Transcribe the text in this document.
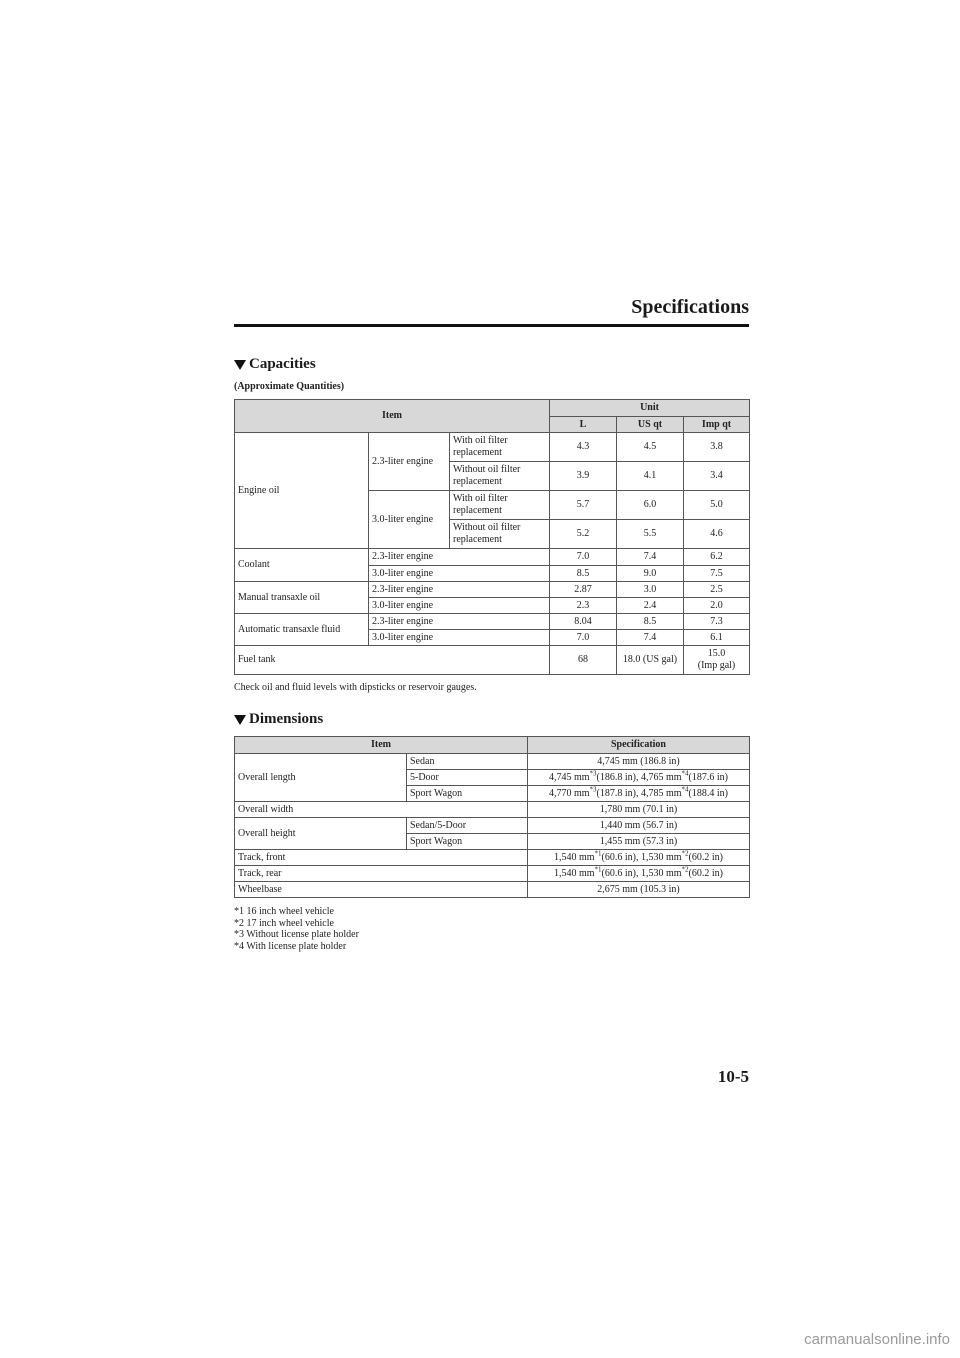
Specifications
Capacities
(Approximate Quantities)
Item			Unit		
			L	US qt	Imp qt
Engine oil	2.3-liter engine	With oil filter replacement	4.3	4.5	3.8
		Without oil filter replacement	3.9	4.1	3.4
	3.0-liter engine	With oil filter replacement	5.7	6.0	5.0
		Without oil filter replacement	5.2	5.5	4.6
Coolant	2.3-liter engine		7.0	7.4	6.2
	3.0-liter engine		8.5	9.0	7.5
Manual transaxle oil	2.3-liter engine		2.87	3.0	2.5
	3.0-liter engine		2.3	2.4	2.0
Automatic transaxle fluid	2.3-liter engine		8.04	8.5	7.3
	3.0-liter engine		7.0	7.4	6.1
Fuel tank			68	18.0 (US gal)	15.0
(Imp gal)
Check oil and fluid levels with dipsticks or reservoir gauges.
Dimensions
Item		Specification
Overall length	Sedan	4,745 mm (186.8 in)
	5-Door	4,745 $mm^{*3}(186.8$ in), 4,765 $mm^{*4}(187.6$ in)
	Sport Wagon	4,770 $mm^{*3}(187.8$ in), 4,785 $mm^{*4}(188.4$ in)
Overall width		1,780 mm (70.1 in)
Overall height	Sedan/5-Door	1,440 mm (56.7 in)
	Sport Wagon	1,455 mm (57.3 in)
Track, front		1,540 $mm^{*1}(60.6$ in), 1,530 $mm^{*2}(60.2$ in)
Track, rear		1,540 $mm^{*1}(60.6$ in), 1,530 $mm^{*2}(60.2$ in)
Wheelbase		2,675 mm (105.3 in)
*1 16 inch wheel vehicle
*2 17 inch wheel vehicle
*3 Without license plate holder
*4 With license plate holder
10-5
carmanualsonline.info
